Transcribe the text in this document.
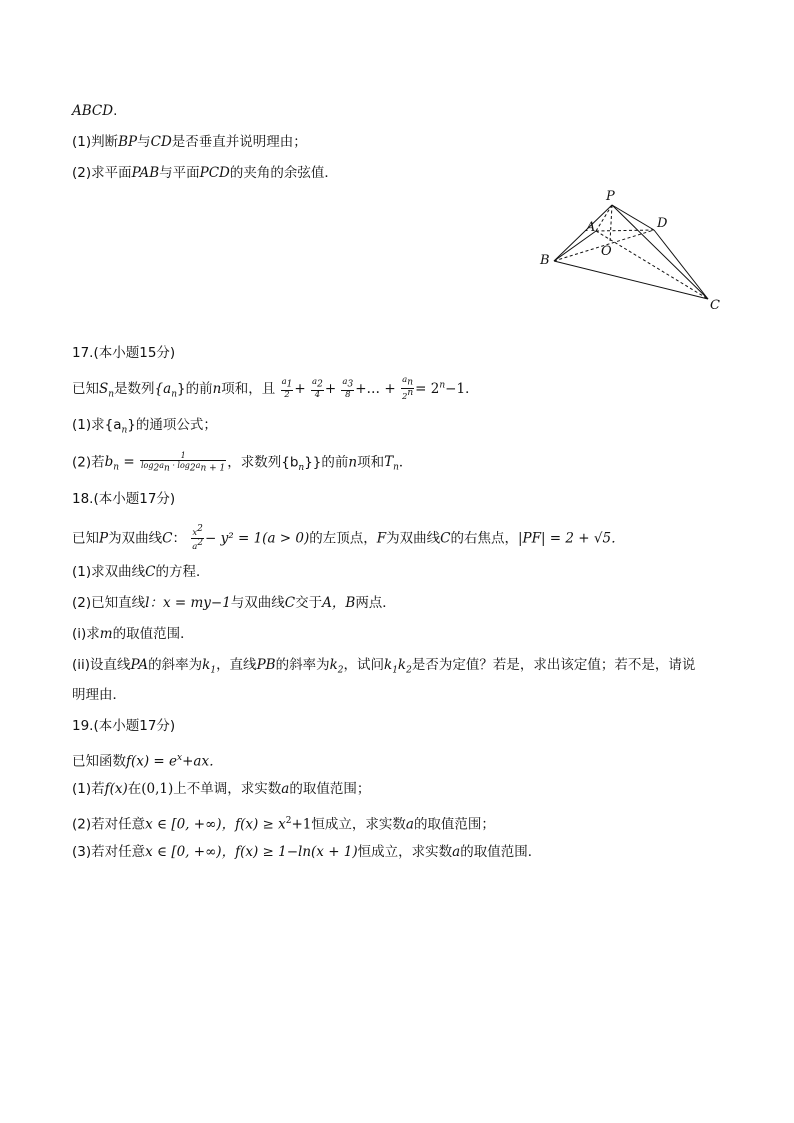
ABCD.
(1)判断BP与CD是否垂直并说明理由；
(2)求平面PAB与平面PCD的夹角的余弦值．
P
A	D
O
B
C
17.(本小题15分)
已知$S_n$是数列$\{a_n\}$的前n项和，且 $\frac{a_1}{2} + \frac{a_2}{4} + \frac{a_3}{8}$ +… + $\frac{a_n}{2^n} = 2^n-1$．
(1)求$\{a_n\}$的通项公式；
(2)若$b_n = \frac{1}{\log_2a_n \cdot \log_2a_{n + 1}}$ ，求数列$\{b_n\}$}的前n项和$T_n$．
18.(本小题17分)
已知P为双曲线C： $\frac{x^2}{a^2} - y^2 = 1(a > 0)$的左顶点，F为双曲线C的右焦点，|PF| = 2 + √5．
(1)求双曲线C的方程．
(2)已知直线l：x = my−1与双曲线C交于A，B两点．
(i)求m的取值范围．
(ii)设直线PA的斜率为$k_1$，直线PB的斜率为$k_2$，试问$k_1k_2$是否为定值？若是，求出该定值；若不是，请说
明理由．
19.(本小题17分)
已知函数$f(x) = e^x+ax$．
(1)若f(x)在(0,1)上不单调，求实数a的取值范围；
(2)若对任意x ∈ [0, +∞)，$f(x) \ge x^2+1$恒成立，求实数a的取值范围；
(3)若对任意x ∈ [0, +∞)，f(x) ≥ 1−ln(x + 1)恒成立，求实数a的取值范围．
